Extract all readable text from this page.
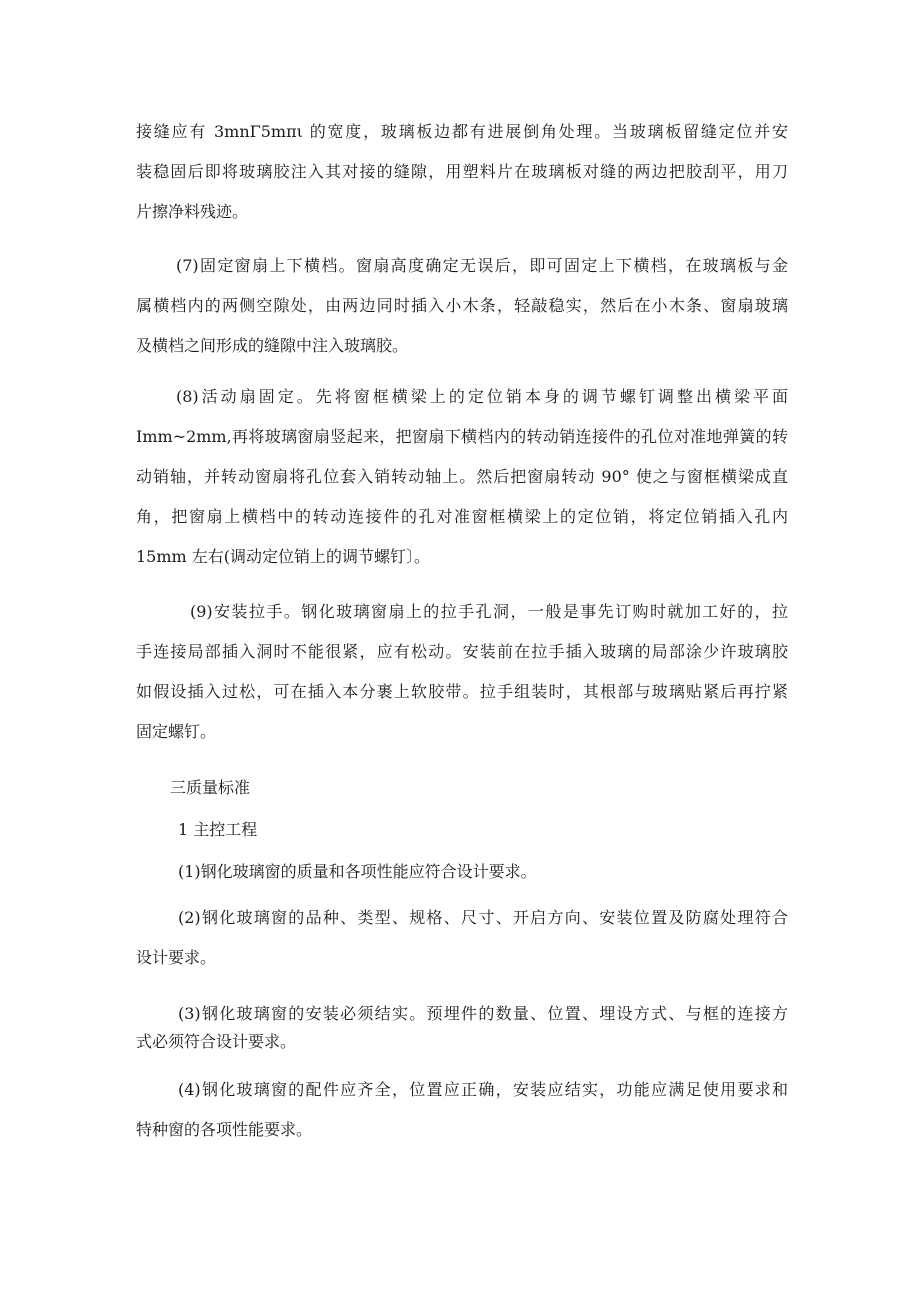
接缝应有 3mnΓ5mπι 的宽度，玻璃板边都有进展倒角处理。当玻璃板留缝定位并安
装稳固后即将玻璃胶注入其对接的缝隙，用塑料片在玻璃板对缝的两边把胶刮平，用刀
片擦净料残迹。
(7)固定窗扇上下横档。窗扇高度确定无误后，即可固定上下横档，在玻璃板与金
属横档内的两侧空隙处，由两边同时插入小木条，轻敲稳实，然后在小木条、窗扇玻璃
及横档之间形成的缝隙中注入玻璃胶。
(8)活动扇固定。先将窗框横梁上的定位销本身的调节螺钉调整出横梁平面
Imm~2mm,再将玻璃窗扇竖起来，把窗扇下横档内的转动销连接件的孔位对准地弹簧的转
动销轴，并转动窗扇将孔位套入销转动轴上。然后把窗扇转动 90° 使之与窗框横梁成直
角，把窗扇上横档中的转动连接件的孔对准窗框横梁上的定位销，将定位销插入孔内
15mm 左右(调动定位销上的调节螺钉〕。
(9)安装拉手。钢化玻璃窗扇上的拉手孔洞，一般是事先订购时就加工好的，拉
手连接局部插入洞时不能很紧，应有松动。安装前在拉手插入玻璃的局部涂少许玻璃胶
如假设插入过松，可在插入本分裹上软胶带。拉手组装时，其根部与玻璃贴紧后再拧紧
固定螺钉。
三质量标准
1 主控工程
(1)钢化玻璃窗的质量和各项性能应符合设计要求。
(2)钢化玻璃窗的品种、类型、规格、尺寸、开启方向、安装位置及防腐处理符合
设计要求。
(3)钢化玻璃窗的安装必须结实。预埋件的数量、位置、埋设方式、与框的连接方
式必须符合设计要求。
(4)钢化玻璃窗的配件应齐全，位置应正确，安装应结实，功能应满足使用要求和
特种窗的各项性能要求。
